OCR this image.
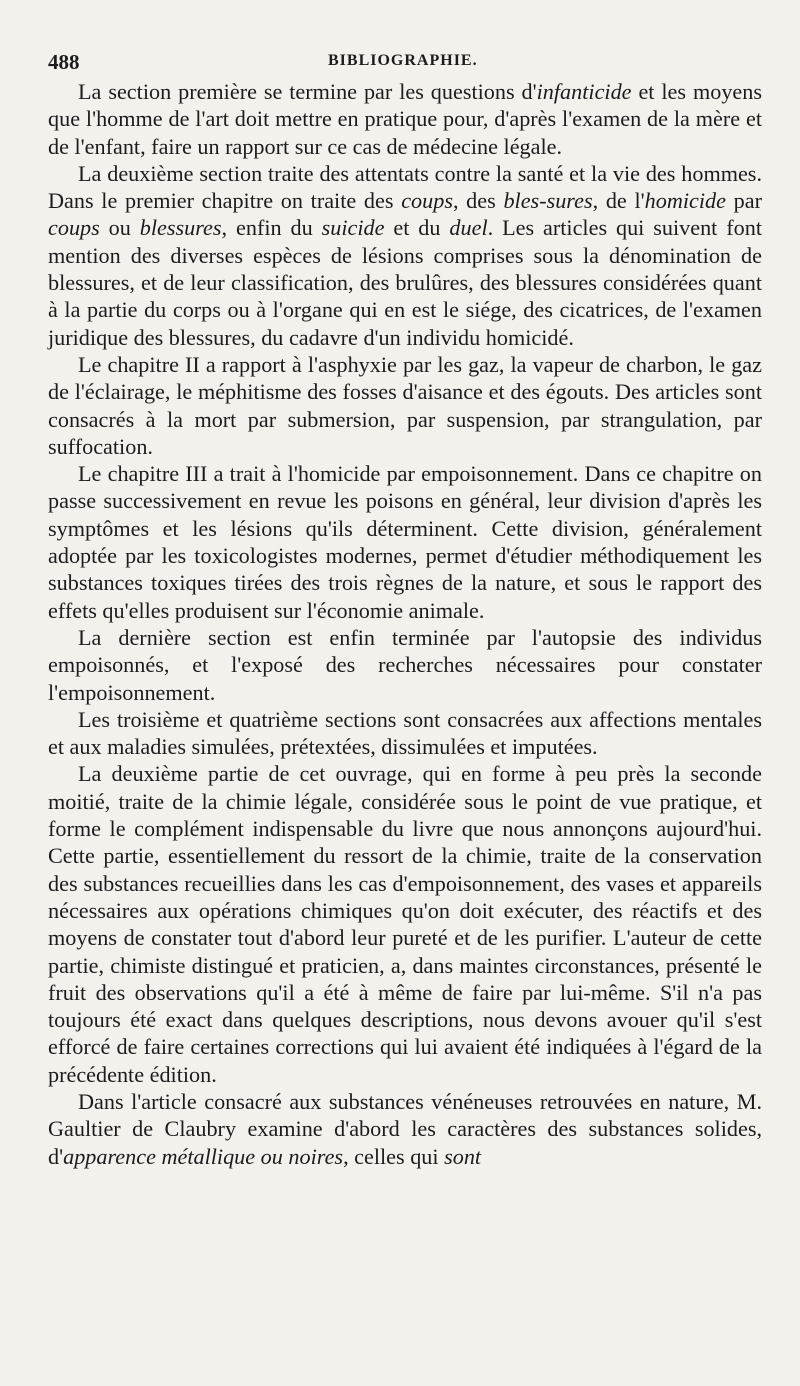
488	BIBLIOGRAPHIE.

La section première se termine par les questions d'infanticide et les moyens que l'homme de l'art doit mettre en pratique pour, d'après l'examen de la mère et de l'enfant, faire un rapport sur ce cas de médecine légale.

La deuxième section traite des attentats contre la santé et la vie des hommes. Dans le premier chapitre on traite des coups, des bles-sures, de l'homicide par coups ou blessures, enfin du suicide et du duel. Les articles qui suivent font mention des diverses espèces de lésions comprises sous la dénomination de blessures, et de leur classification, des brulûres, des blessures considérées quant à la partie du corps ou à l'organe qui en est le siége, des cicatrices, de l'examen juridique des blessures, du cadavre d'un individu homicidé.

Le chapitre II a rapport à l'asphyxie par les gaz, la vapeur de charbon, le gaz de l'éclairage, le méphitisme des fosses d'aisance et des égouts. Des articles sont consacrés à la mort par submersion, par suspension, par strangulation, par suffocation.

Le chapitre III a trait à l'homicide par empoisonnement. Dans ce chapitre on passe successivement en revue les poisons en général, leur division d'après les symptômes et les lésions qu'ils déterminent. Cette division, généralement adoptée par les toxicologistes modernes, permet d'étudier méthodiquement les substances toxiques tirées des trois règnes de la nature, et sous le rapport des effets qu'elles produisent sur l'économie animale.

La dernière section est enfin terminée par l'autopsie des individus empoisonnés, et l'exposé des recherches nécessaires pour constater l'empoisonnement.

Les troisième et quatrième sections sont consacrées aux affections mentales et aux maladies simulées, prétextées, dissimulées et imputées.

La deuxième partie de cet ouvrage, qui en forme à peu près la seconde moitié, traite de la chimie légale, considérée sous le point de vue pratique, et forme le complément indispensable du livre que nous annonçons aujourd'hui. Cette partie, essentiellement du ressort de la chimie, traite de la conservation des substances recueillies dans les cas d'empoisonnement, des vases et appareils nécessaires aux opérations chimiques qu'on doit exécuter, des réactifs et des moyens de constater tout d'abord leur pureté et de les purifier. L'auteur de cette partie, chimiste distingué et praticien, a, dans maintes circonstances, présenté le fruit des observations qu'il a été à même de faire par lui-même. S'il n'a pas toujours été exact dans quelques descriptions, nous devons avouer qu'il s'est efforcé de faire certaines corrections qui lui avaient été indiquées à l'égard de la précédente édition.

Dans l'article consacré aux substances vénéneuses retrouvées en nature, M. Gaultier de Claubry examine d'abord les caractères des substances solides, d'apparence métallique ou noires, celles qui sont
